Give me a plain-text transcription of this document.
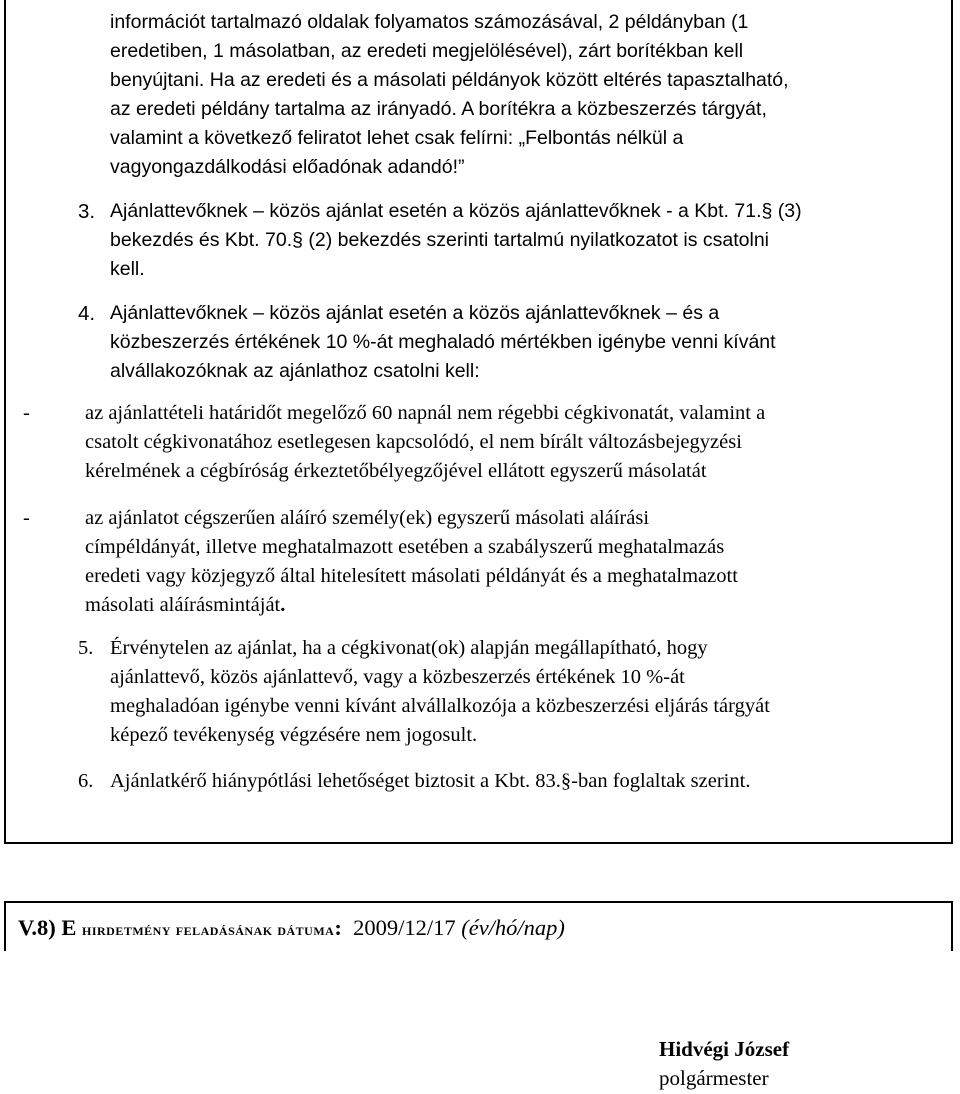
információt tartalmazó oldalak folyamatos számozásával, 2 példányban (1
eredetiben, 1 másolatban, az eredeti megjelölésével), zárt borítékban kell
benyújtani. Ha az eredeti és a másolati példányok között eltérés tapasztalható,
az eredeti példány tartalma az irányadó. A borítékra a közbeszerzés tárgyát,
valamint a következő feliratot lehet csak felírni: „Felbontás nélkül a
vagyongazdálkodási előadónak adandó!”
3. Ajánlattevőknek – közös ajánlat esetén a közös ajánlattevőknek - a Kbt. 71.§ (3)
bekezdés és Kbt. 70.§ (2) bekezdés szerinti tartalmú nyilatkozatot is csatolni
kell.
4. Ajánlattevőknek – közös ajánlat esetén a közös ajánlattevőknek – és a
közbeszerzés értékének 10 %-át meghaladó mértékben igénybe venni kívánt
alvállakozóknak az ajánlathoz csatolni kell:
-	az ajánlattételi határidőt megelőző 60 napnál nem régebbi cégkivonatát, valamint a
csatolt cégkivonatához esetlegesen kapcsolódó, el nem bírált változásbejegyzési
kérelmének a cégbíróság érkeztetőbélyegzőjével ellátott egyszerű másolatát
-	az ajánlatot cégszerűen aláíró személy(ek) egyszerű másolati aláírási
címpéldányát, illetve meghatalmazott esetében a szabályszerű meghatalmazás
eredeti vagy közjegyző által hitelesített másolati példányát és a meghatalmazott
másolati aláírásmintáját.
5. Érvénytelen az ajánlat, ha a cégkivonat(ok) alapján megállapítható, hogy
ajánlattevő, közös ajánlattevő, vagy a közbeszerzés értékének 10 %-át
meghaladóan igénybe venni kívánt alvállalkozója a közbeszerzési eljárás tárgyát
képező tevékenység végzésére nem jogosult.
6. Ajánlatkérő hiánypótlási lehetőséget biztosit a Kbt. 83.§-ban foglaltak szerint.
V.8) E hirdetmény feladásának dátuma: 2009/12/17 (év/hó/nap)
Hidvégi József
polgármester
